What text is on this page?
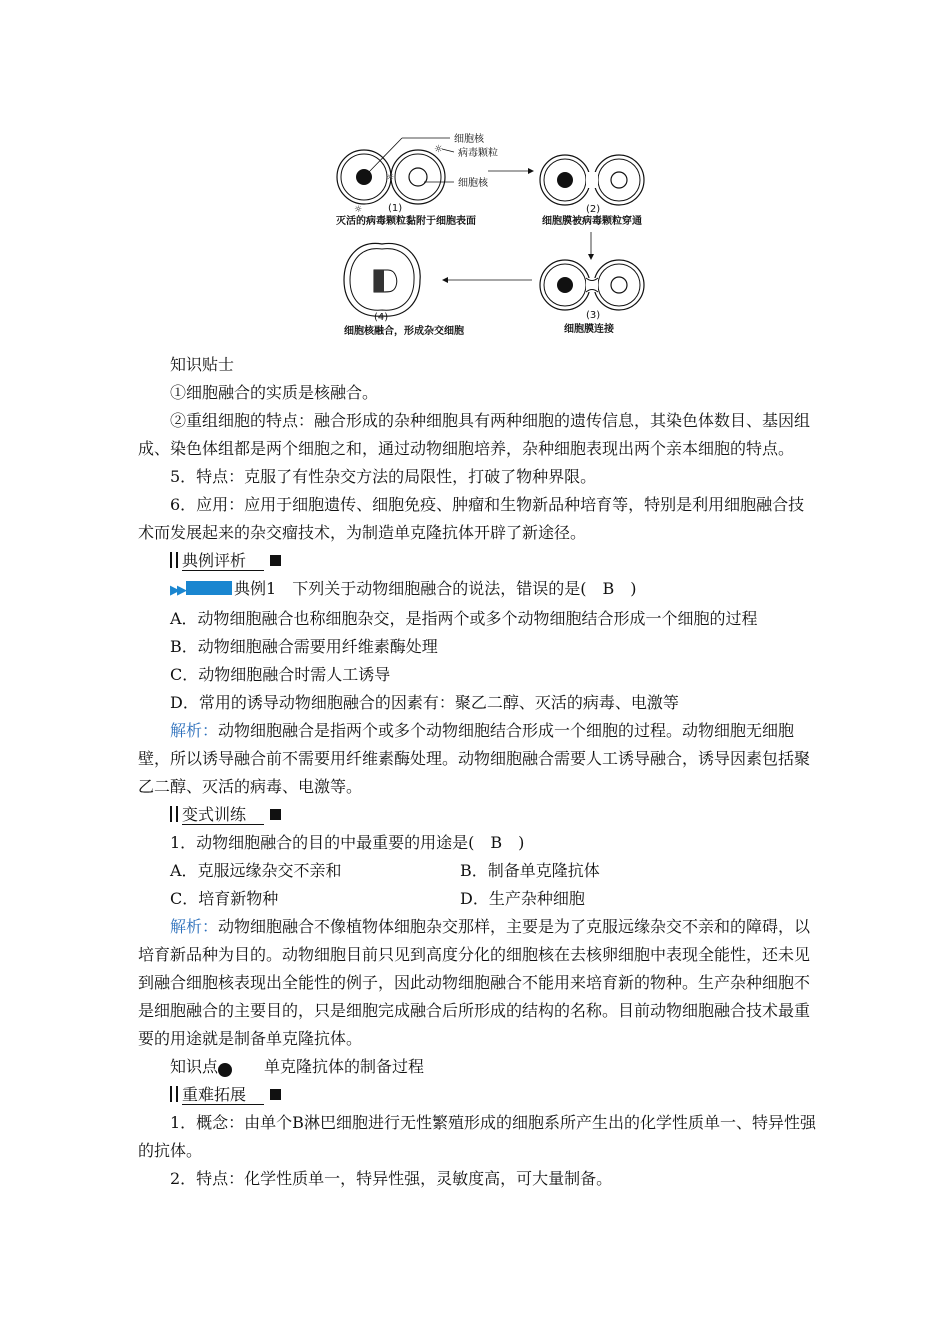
☼
☼
☼
细胞核
病毒颗粒
细胞核
(1)
灭活的病毒颗粒黏附于细胞表面
(2)
细胞膜被病毒颗粒穿通
(3)
细胞膜连接
(4)
细胞核融合，形成杂交细胞

知识贴士

①细胞融合的实质是核融合。

②重组细胞的特点：融合形成的杂种细胞具有两种细胞的遗传信息，其染色体数目、基因组成、染色体组都是两个细胞之和，通过动物细胞培养，杂种细胞表现出两个亲本细胞的特点。

5．特点：克服了有性杂交方法的局限性，打破了物种界限。

6．应用：应用于细胞遗传、细胞免疫、肿瘤和生物新品种培育等，特别是利用细胞融合技术而发展起来的杂交瘤技术，为制造单克隆抗体开辟了新途径。

典例评析

▶▶	典例1　 下列关于动物细胞融合的说法，错误的是(　B　)

A．动物细胞融合也称细胞杂交，是指两个或多个动物细胞结合形成一个细胞的过程

B．动物细胞融合需要用纤维素酶处理

C．动物细胞融合时需人工诱导

D．常用的诱导动物细胞融合的因素有：聚乙二醇、灭活的病毒、电激等

解析：动物细胞融合是指两个或多个动物细胞结合形成一个细胞的过程。动物细胞无细胞壁，所以诱导融合前不需要用纤维素酶处理。动物细胞融合需要人工诱导融合，诱导因素包括聚乙二醇、灭活的病毒、电激等。

变式训练

1．动物细胞融合的目的中最重要的用途是(　B　)

A．克服远缘杂交不亲和	B．制备单克隆抗体

C．培育新物种	D．生产杂种细胞

解析：动物细胞融合不像植物体细胞杂交那样，主要是为了克服远缘杂交不亲和的障碍，以培育新品种为目的。动物细胞目前只见到高度分化的细胞核在去核卵细胞中表现全能性，还未见到融合细胞核表现出全能性的例子，因此动物细胞融合不能用来培育新的物种。生产杂种细胞不是细胞融合的主要目的，只是细胞完成融合后所形成的结构的名称。目前动物细胞融合技术最重要的用途就是制备单克隆抗体。

知识点	三　　 单克隆抗体的制备过程

重难拓展

1．概念：由单个B淋巴细胞进行无性繁殖形成的细胞系所产生出的化学性质单一、特异性强的抗体。

2．特点：化学性质单一，特异性强，灵敏度高，可大量制备。
